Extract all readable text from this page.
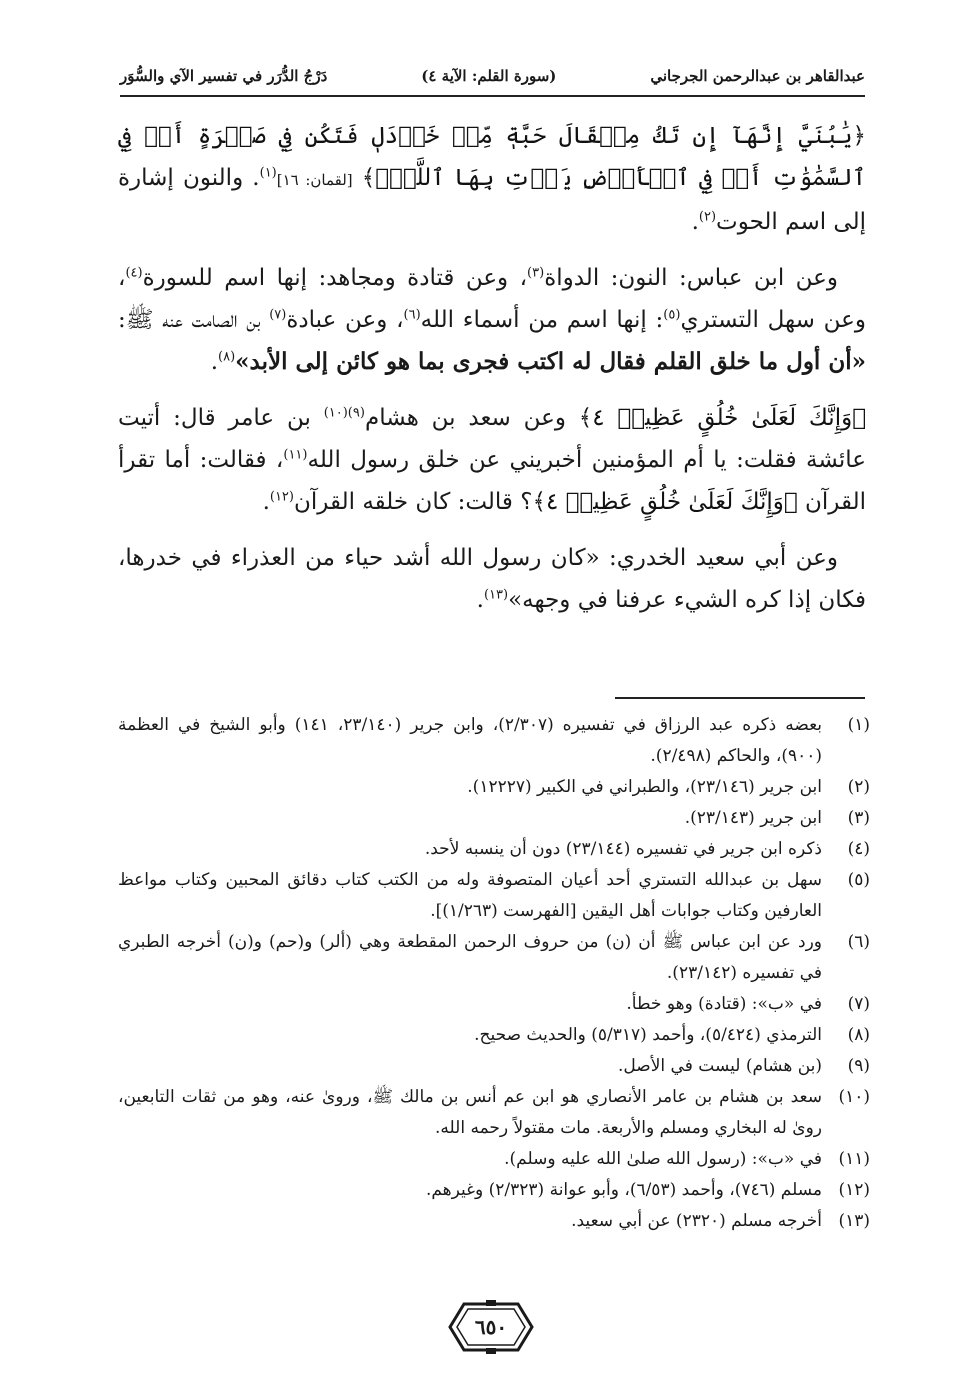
عبدالقاهر بن عبدالرحمن الجرجاني
(سورة القلم: الآية ٤)
دَرْجُ الدُّرَر في تفسير الآي والسُّوَر

﴿يَٰبُنَيَّ إِنَّهَآ إِن تَكُ مِثۡقَالَ حَبَّةٖ مِّنۡ خَرۡدَلٖ فَتَكُن فِي صَخۡرَةٍ أَوۡ فِي ٱلسَّمَٰوَٰتِ أَوۡ فِي ٱلۡأَرۡضِ يَأۡتِ بِهَا ٱللَّهُۚ﴾ [لقمان: ١٦]$^{(١)}$. والنون إشارة إلى اسم الحوت$^{(٢)}$.

وعن ابن عباس: النون: الدواة$^{(٣)}$، وعن قتادة ومجاهد: إنها اسم للسورة$^{(٤)}$، وعن سهل التستري$^{(٥)}$: إنها اسم من أسماء الله$^{(٦)}$، وعن عبادة$^{(٧)}$ بن الصامت عنه ﷺ: «أن أول ما خلق القلم فقال له اكتب فجرى بما هو كائن إلى الأبد»$^{(٨)}$.

﴿وَإِنَّكَ لَعَلَىٰ خُلُقٍ عَظِيمٖ ٤﴾ وعن سعد بن هشام$^{(٩)(١٠)}$ بن عامر قال: أتيت عائشة فقلت: يا أم المؤمنين أخبريني عن خلق رسول الله$^{(١١)}$، فقالت: أما تقرأ القرآن ﴿وَإِنَّكَ لَعَلَىٰ خُلُقٍ عَظِيمٖ ٤﴾؟ قالت: كان خلقه القرآن$^{(١٢)}$.

وعن أبي سعيد الخدري: «كان رسول الله أشد حياء من العذراء في خدرها، فكان إذا كره الشيء عرفنا في وجهه»$^{(١٣)}$.

(١)
بعضه ذكره عبد الرزاق في تفسيره (٢/٣٠٧)، وابن جرير (٢٣/١٤٠، ١٤١) وأبو الشيخ في العظمة (٩٠٠)، والحاكم (٢/٤٩٨).
(٢)
ابن جرير (٢٣/١٤٦)، والطبراني في الكبير (١٢٢٢٧).
(٣)
ابن جرير (٢٣/١٤٣).
(٤)
ذكره ابن جرير في تفسيره (٢٣/١٤٤) دون أن ينسبه لأحد.
(٥)
سهل بن عبدالله التستري أحد أعيان المتصوفة وله من الكتب كتاب دقائق المحبين وكتاب مواعظ العارفين وكتاب جوابات أهل اليقين [الفهرست (١/٢٦٣)].
(٦)
ورد عن ابن عباس ﷺ أن (ن) من حروف الرحمن المقطعة وهي (ألر) و(حم) و(ن) أخرجه الطبري في تفسيره (٢٣/١٤٢).
(٧)
في «ب»: (قتادة) وهو خطأ.
(٨)
الترمذي (٥/٤٢٤)، وأحمد (٥/٣١٧) والحديث صحيح.
(٩)
(بن هشام) ليست في الأصل.
(١٠)
سعد بن هشام بن عامر الأنصاري هو ابن عم أنس بن مالك ﷺ، وروىٰ عنه، وهو من ثقات التابعين، روىٰ له البخاري ومسلم والأربعة. مات مقتولاً رحمه الله.
(١١)
في «ب»: (رسول الله صلىٰ الله عليه وسلم).
(١٢)
مسلم (٧٤٦)، وأحمد (٦/٥٣)، وأبو عوانة (٢/٣٢٣) وغيرهم.
(١٣)
أخرجه مسلم (٢٣٢٠) عن أبي سعيد.
٦٥٠
